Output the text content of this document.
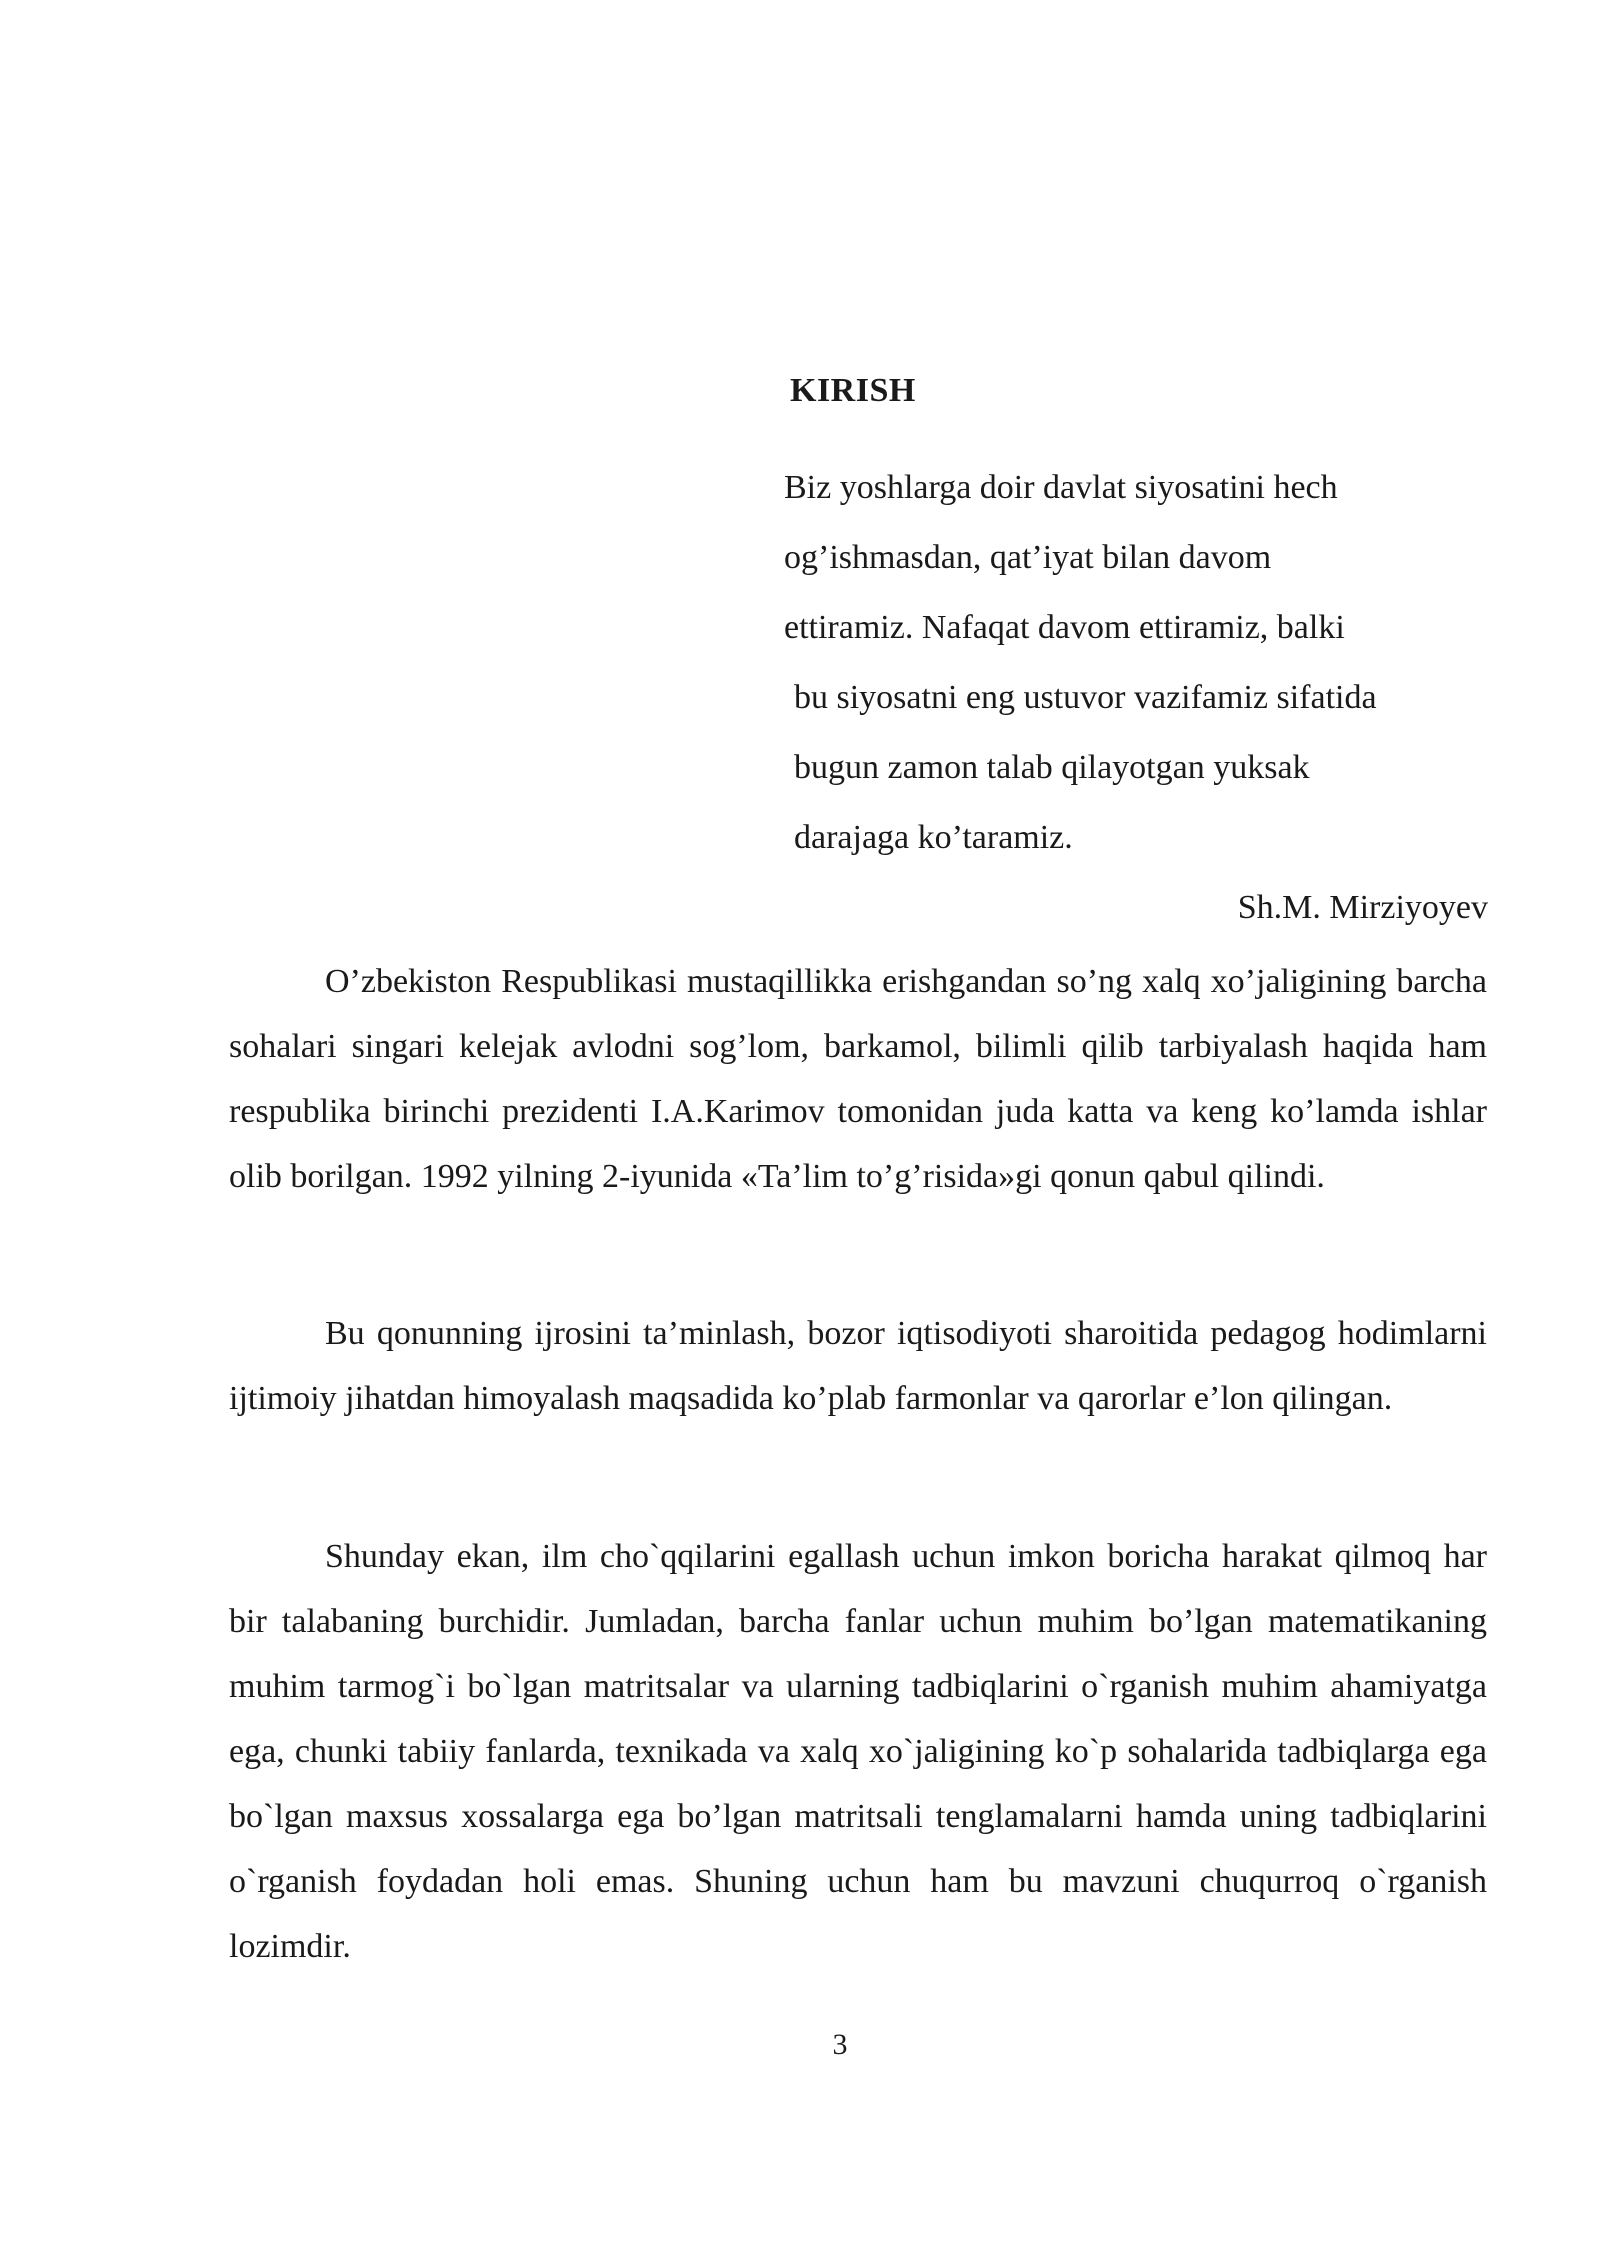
KIRISH
Biz yoshlarga doir davlat siyosatini hech
og’ishmasdan, qat’iyat bilan davom
ettiramiz. Nafaqat davom ettiramiz, balki
bu siyosatni eng ustuvor vazifamiz sifatida
bugun zamon talab qilayotgan yuksak
darajaga ko’taramiz.
Sh.M. Mirziyoyev

O’zbekiston Respublikasi mustaqillikka erishgandan so’ng xalq xo’jaligining barcha sohalari singari kelejak avlodni sog’lom, barkamol, bilimli qilib tarbiyalash haqida ham respublika birinchi prezidenti I.A.Karimov tomonidan juda katta va keng ko’lamda ishlar olib borilgan. 1992 yilning 2-iyunida «Ta’lim to’g’risida»gi qonun qabul qilindi.

Bu qonunning ijrosini ta’minlash, bozor iqtisodiyoti sharoitida pedagog hodimlarni ijtimoiy jihatdan himoyalash maqsadida ko’plab farmonlar va qarorlar e’lon qilingan.

Shunday ekan, ilm cho`qqilarini egallash uchun imkon boricha harakat qilmoq har bir talabaning burchidir. Jumladan, barcha fanlar uchun muhim bo’lgan matematikaning muhim tarmog`i bo`lgan matritsalar va ularning tadbiqlarini o`rganish muhim ahamiyatga ega, chunki tabiiy fanlarda, texnikada va xalq xo`jaligining ko`p sohalarida tadbiqlarga ega bo`lgan maxsus xossalarga ega bo’lgan matritsali tenglamalarni hamda uning tadbiqlarini o`rganish foydadan holi emas. Shuning uchun ham bu mavzuni chuqurroq o`rganish lozimdir.

3
